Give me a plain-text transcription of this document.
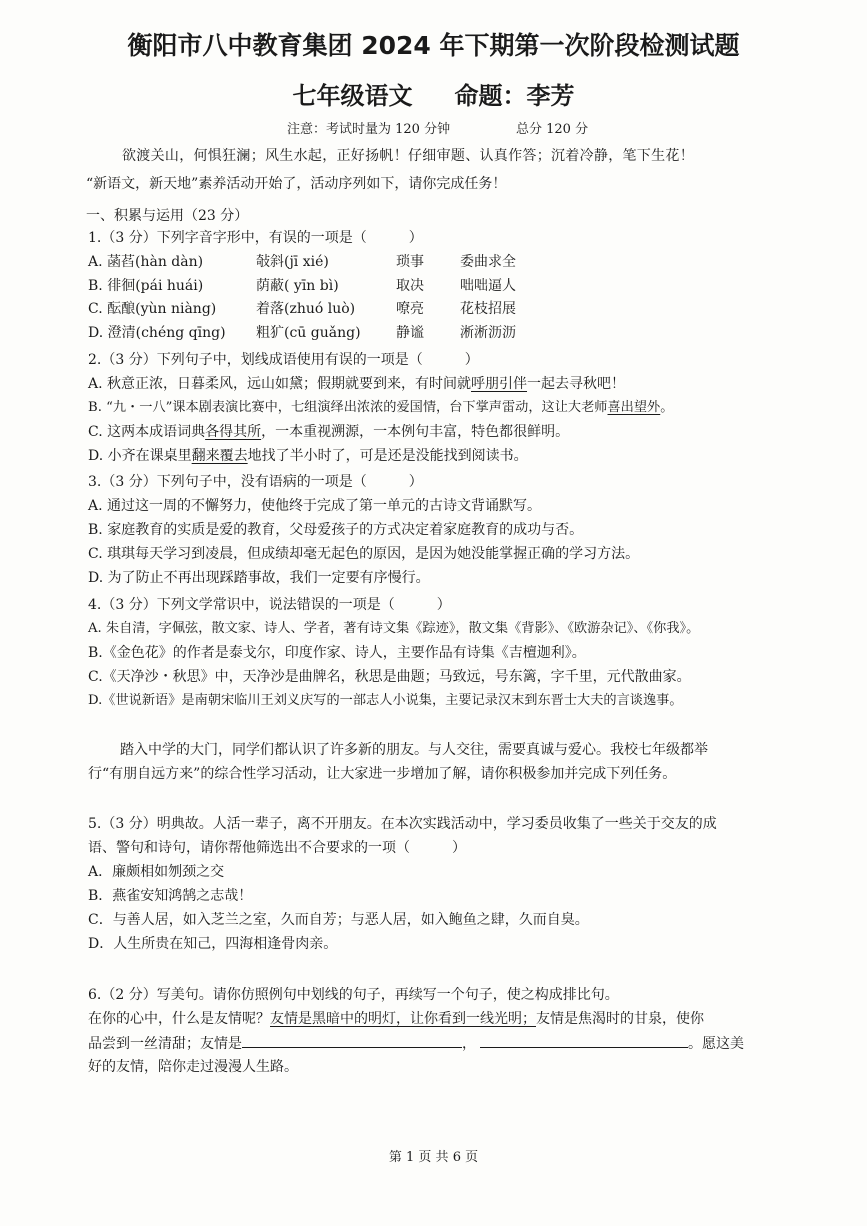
衡阳市八中教育集团 2024 年下期第一次阶段检测试题
七年级语文 命题：李芳
注意：考试时量为 120 分钟	总分 120 分
欲渡关山，何惧狂澜；风生水起，正好扬帆！仔细审题、认真作答；沉着冷静，笔下生花！
“新语文，新天地”素养活动开始了，活动序列如下，请你完成任务！
一、积累与运用（23 分）
1.（3 分）下列字音字形中，有误的一项是（　　　）
A. 菡萏(hàn dàn)	敧斜(jī xié)	琐事	委曲求全
B. 徘徊(pái huái)	荫蔽( yīn bì)	取决	咄咄逼人
C. 酝酿(yùn niàng)	着落(zhuó luò)	嘹亮	花枝招展
D. 澄清(chéng qīng) 粗犷(cū guǎng)	静谧	淅淅沥沥
2.（3 分）下列句子中，划线成语使用有误的一项是（　　　）
A. 秋意正浓，日暮柔风，远山如黛；假期就要到来，有时间就呼朋引伴一起去寻秋吧！
B. “九・一八”课本剧表演比赛中，七组演绎出浓浓的爱国情，台下掌声雷动，这让大老师喜出望外。
C. 这两本成语词典各得其所，一本重视溯源，一本例句丰富，特色都很鲜明。
D. 小齐在课桌里翻来覆去地找了半小时了，可是还是没能找到阅读书。
3.（3 分）下列句子中，没有语病的一项是（　　　）
A. 通过这一周的不懈努力，使他终于完成了第一单元的古诗文背诵默写。
B. 家庭教育的实质是爱的教育，父母爱孩子的方式决定着家庭教育的成功与否。
C. 琪琪每天学习到凌晨，但成绩却毫无起色的原因，是因为她没能掌握正确的学习方法。
D. 为了防止不再出现踩踏事故，我们一定要有序慢行。
4.（3 分）下列文学常识中，说法错误的一项是（　　　）
A. 朱自清，字佩弦，散文家、诗人、学者，著有诗文集《踪迹》，散文集《背影》、《欧游杂记》、《你我》。
B.《金色花》的作者是泰戈尔，印度作家、诗人，主要作品有诗集《吉檀迦利》。
C.《天净沙・秋思》中，天净沙是曲牌名，秋思是曲题；马致远，号东篱，字千里，元代散曲家。
D.《世说新语》是南朝宋临川王刘义庆写的一部志人小说集，主要记录汉末到东晋士大夫的言谈逸事。
踏入中学的大门，同学们都认识了许多新的朋友。与人交往，需要真诚与爱心。我校七年级都举
行“有朋自远方来”的综合性学习活动，让大家进一步增加了解，请你积极参加并完成下列任务。
5.（3 分）明典故。人活一辈子，离不开朋友。在本次实践活动中，学习委员收集了一些关于交友的成
语、警句和诗句，请你帮他筛选出不合要求的一项（　　　）
A．廉颇相如刎颈之交
B．燕雀安知鸿鹄之志哉！
C．与善人居，如入芝兰之室，久而自芳；与恶人居，如入鲍鱼之肆，久而自臭。
D．人生所贵在知己，四海相逢骨肉亲。
6.（2 分）写美句。请你仿照例句中划线的句子，再续写一个句子，使之构成排比句。
在你的心中，什么是友情呢？友情是黑暗中的明灯，让你看到一线光明；友情是焦渴时的甘泉，使你
品尝到一丝清甜；友情是	，	。愿这美
好的友情，陪你走过漫漫人生路。
第 1 页 共 6 页
